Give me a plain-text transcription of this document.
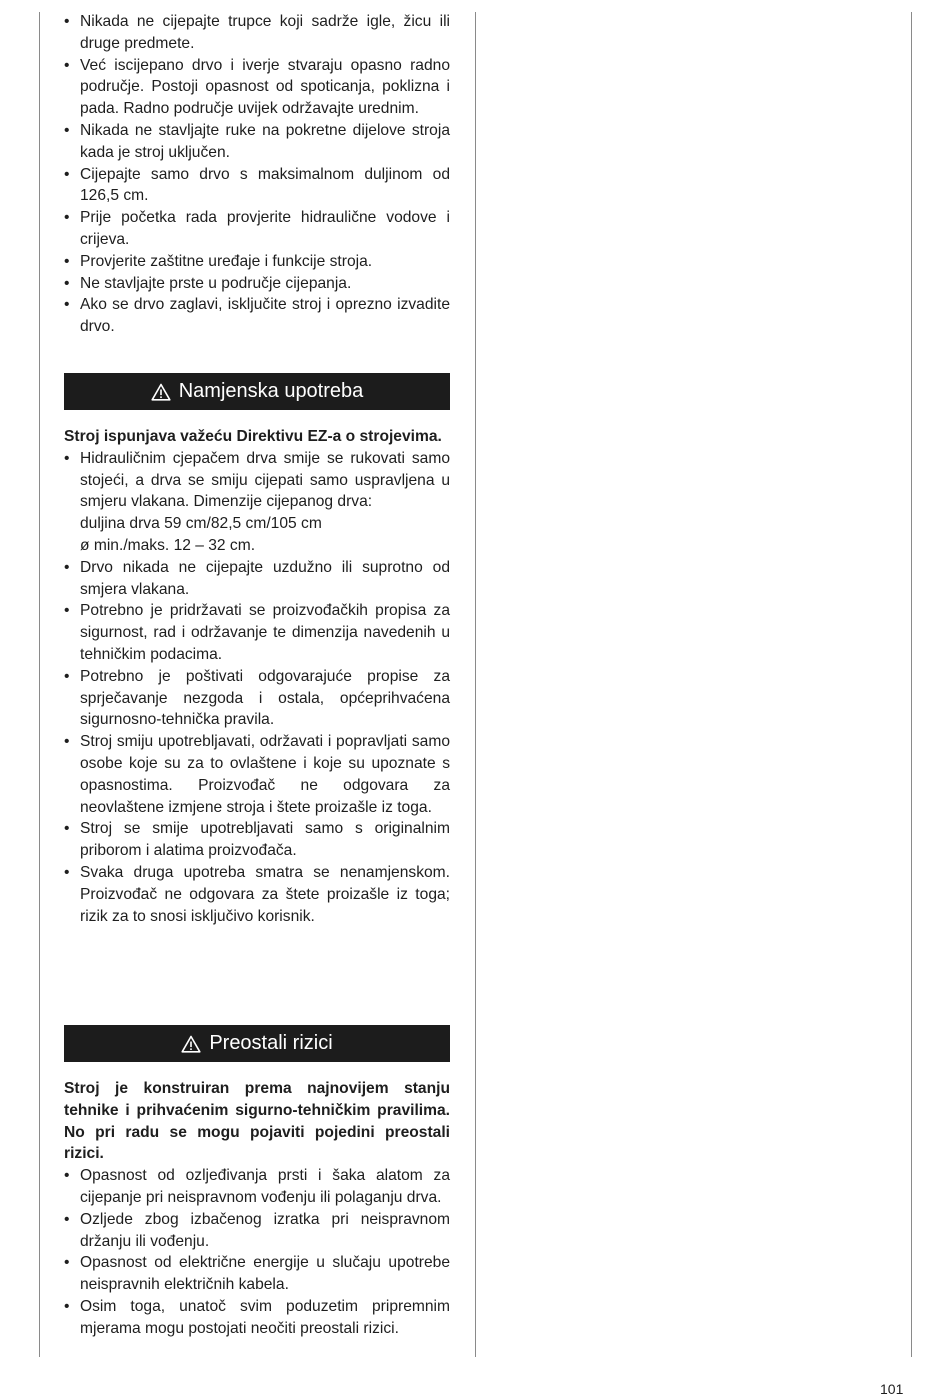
• Nikada ne cijepajte trupce koji sadrže igle, žicu ili druge predmete.
• Već iscijepano drvo i iverje stvaraju opasno radno područje. Postoji opasnost od spoticanja, poklizna i pada. Radno područje uvijek održavajte urednim.
• Nikada ne stavljajte ruke na pokretne dijelove stroja kada je stroj uključen.
• Cijepajte samo drvo s maksimalnom duljinom od 126,5 cm.
• Prije početka rada provjerite hidraulične vodove i crijeva.
• Provjerite zaštitne uređaje i funkcije stroja.
• Ne stavljajte prste u područje cijepanja.
• Ako se drvo zaglavi, isključite stroj i oprezno izvadite drvo.
Namjenska upotreba

Stroj ispunjava važeću Direktivu EZ-a o strojevima.

• Hidrauličnim cjepačem drva smije se rukovati samo stojeći, a drva se smiju cijepati samo uspravljena u smjeru vlakana. Dimenzije cijepanog drva:
duljina drva 59 cm/82,5 cm/105 cm
ø min./maks. 12 – 32 cm.
• Drvo nikada ne cijepajte uzdužno ili suprotno od smjera vlakana.
• Potrebno je pridržavati se proizvođačkih propisa za sigurnost, rad i održavanje te dimenzija navedenih u tehničkim podacima.
• Potrebno je poštivati odgovarajuće propise za sprječavanje nezgoda i ostala, općeprihvaćena sigurnosno-tehnička pravila.
• Stroj smiju upotrebljavati, održavati i popravljati samo osobe koje su za to ovlaštene i koje su upoznate s opasnostima. Proizvođač ne odgovara za neovlaštene izmjene stroja i štete proizašle iz toga.
• Stroj se smije upotrebljavati samo s originalnim priborom i alatima proizvođača.
• Svaka druga upotreba smatra se nenamjenskom. Proizvođač ne odgovara za štete proizašle iz toga; rizik za to snosi isključivo korisnik.
Preostali rizici

Stroj je konstruiran prema najnovijem stanju tehnike i prihvaćenim sigurno-tehničkim pravilima. No pri radu se mogu pojaviti pojedini preostali rizici.

• Opasnost od ozljeđivanja prsti i šaka alatom za cijepanje pri neispravnom vođenju ili polaganju drva.
• Ozljede zbog izbačenog izratka pri neispravnom držanju ili vođenju.
• Opasnost od električne energije u slučaju upotrebe neispravnih električnih kabela.
• Osim toga, unatoč svim poduzetim pripremnim mjerama mogu postojati neočiti preostali rizici.
101
